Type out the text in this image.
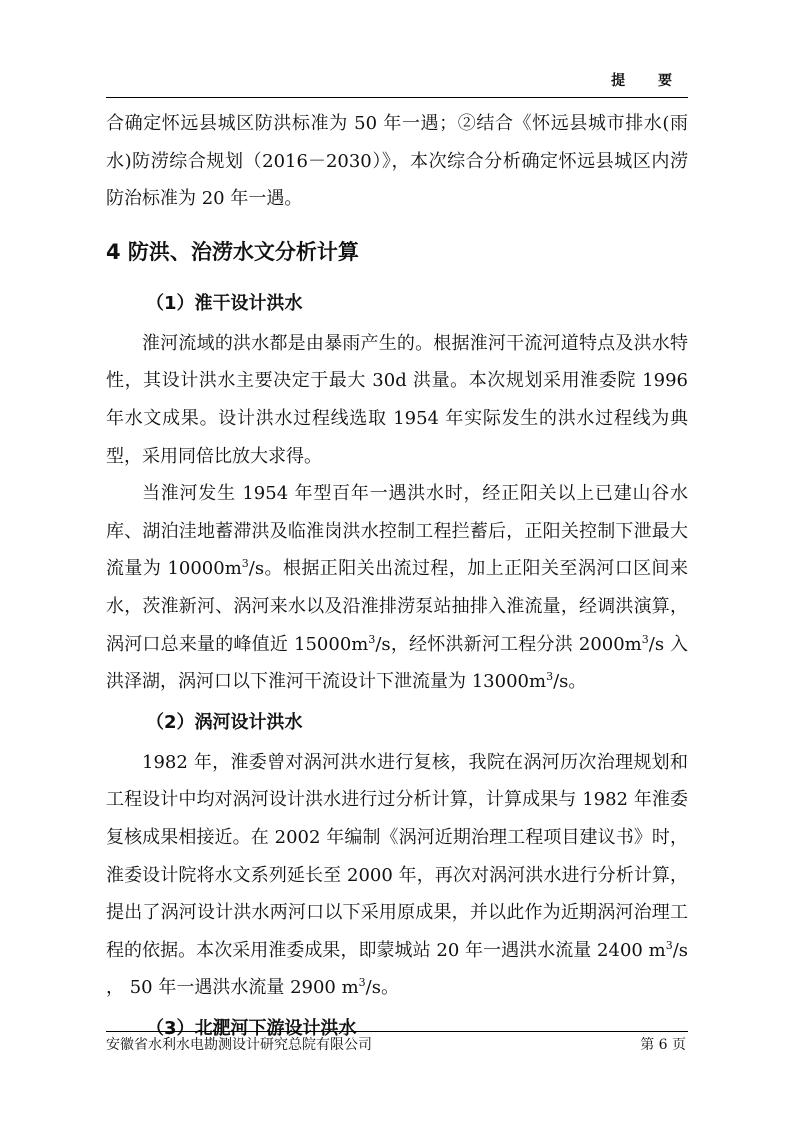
提 要

合确定怀远县城区防洪标准为 50 年一遇；②结合《怀远县城市排水(雨水)防涝综合规划（2016－2030）》，本次综合分析确定怀远县城区内涝防治标准为 20 年一遇。

4 防洪、治涝水文分析计算

（1）淮干设计洪水

淮河流域的洪水都是由暴雨产生的。根据淮河干流河道特点及洪水特性，其设计洪水主要决定于最大 30d 洪量。本次规划采用淮委院 1996 年水文成果。设计洪水过程线选取 1954 年实际发生的洪水过程线为典型，采用同倍比放大求得。

当淮河发生 1954 年型百年一遇洪水时，经正阳关以上已建山谷水库、湖泊洼地蓄滞洪及临淮岗洪水控制工程拦蓄后，正阳关控制下泄最大流量为 $10000m^3/s$。根据正阳关出流过程，加上正阳关至涡河口区间来水，茨淮新河、涡河来水以及沿淮排涝泵站抽排入淮流量，经调洪演算，涡河口总来量的峰值近 $15000m^3/s$，经怀洪新河工程分洪 $2000m^3/s$ 入洪泽湖，涡河口以下淮河干流设计下泄流量为 $13000m^3/s$。

（2）涡河设计洪水

1982 年，淮委曾对涡河洪水进行复核，我院在涡河历次治理规划和工程设计中均对涡河设计洪水进行过分析计算，计算成果与 1982 年淮委复核成果相接近。在 2002 年编制《涡河近期治理工程项目建议书》时，淮委设计院将水文系列延长至 2000 年，再次对涡河洪水进行分析计算，提出了涡河设计洪水两河口以下采用原成果，并以此作为近期涡河治理工程的依据。本次采用淮委成果，即蒙城站 20 年一遇洪水流量 2400 $m^3/s$ ， 50 年一遇洪水流量 2900 $m^3/s$。

（3）北淝河下游设计洪水

安徽省水利水电勘测设计研究总院有限公司	第 6 页
